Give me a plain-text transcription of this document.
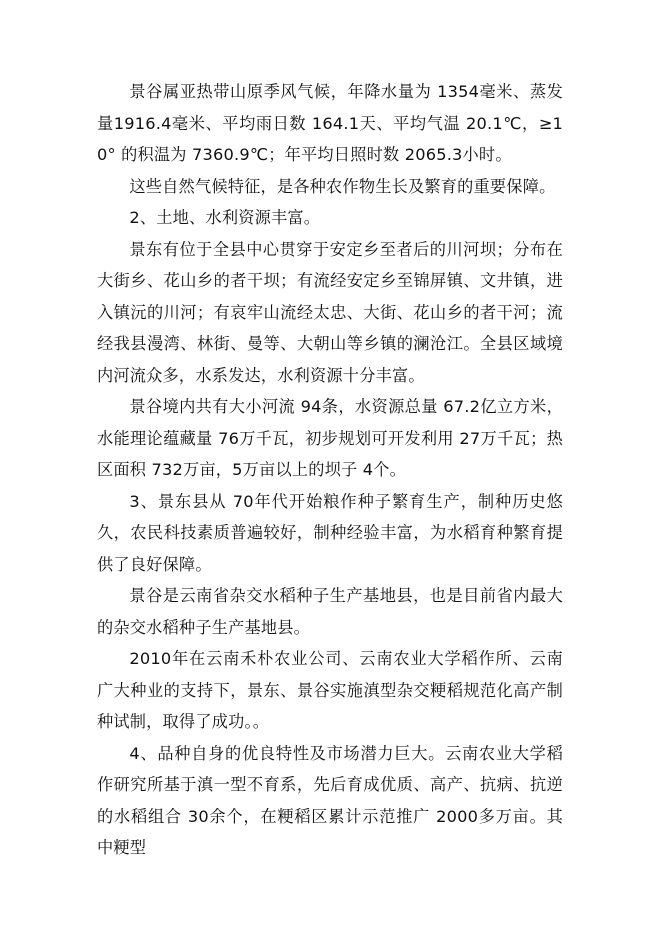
景谷属亚热带山原季风气候，年降水量为 1354毫米、蒸发量1916.4毫米、平均雨日数 164.1天、平均气温 20.1℃，≥10° 的积温为 7360.9℃；年平均日照时数 2065.3小时。

这些自然气候特征，是各种农作物生长及繁育的重要保障。

2、土地、水利资源丰富。

景东有位于全县中心贯穿于安定乡至者后的川河坝；分布在大街乡、花山乡的者干坝；有流经安定乡至锦屏镇、文井镇，进入镇沅的川河；有哀牢山流经太忠、大街、花山乡的者干河；流经我县漫湾、林街、曼等、大朝山等乡镇的澜沧江。全县区域境内河流众多，水系发达，水利资源十分丰富。

景谷境内共有大小河流 94条，水资源总量 67.2亿立方米，水能理论蕴藏量 76万千瓦，初步规划可开发利用 27万千瓦；热区面积 732万亩，5万亩以上的坝子 4个。

3、景东县从 70年代开始粮作种子繁育生产，制种历史悠久，农民科技素质普遍较好，制种经验丰富，为水稻育种繁育提供了良好保障。

景谷是云南省杂交水稻种子生产基地县，也是目前省内最大的杂交水稻种子生产基地县。

2010年在云南禾朴农业公司、云南农业大学稻作所、云南广大种业的支持下，景东、景谷实施滇型杂交粳稻规范化高产制种试制，取得了成功。。

4、品种自身的优良特性及市场潜力巨大。云南农业大学稻作研究所基于滇一型不育系，先后育成优质、高产、抗病、抗逆的水稻组合 30余个，在粳稻区累计示范推广 2000多万亩。其中粳型
